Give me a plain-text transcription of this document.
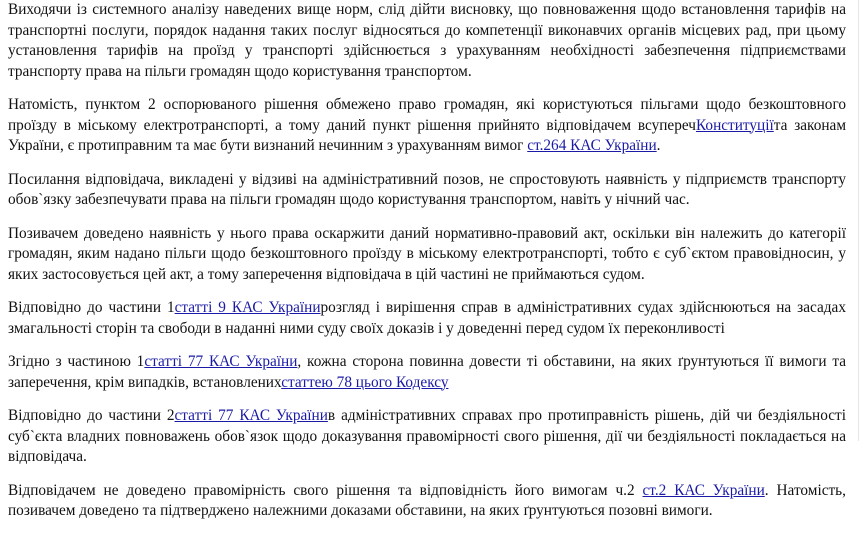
Виходячи із системного аналізу наведених вище норм, слід дійти висновку, що повноваження щодо встановлення тарифів на транспортні послуги, порядок надання таких послуг відносяться до компетенції виконавчих органів місцевих рад, при цьому установлення тарифів на проїзд у транспорті здійснюється з урахуванням необхідності забезпечення підприємствами транспорту права на пільги громадян щодо користування транспортом.

Натомість, пунктом 2 оспорюваного рішення обмежено право громадян, які користуються пільгами щодо безкоштовного проїзду в міському електротранспорті, а тому даний пункт рішення прийнято відповідачем всуперечКонституціїта законам України, є протиправним та має бути визнаний нечинним з урахуванням вимог ст.264 КАС України.

Посилання відповідача, викладені у відзиві на адміністративний позов, не спростовують наявність у підприємств транспорту обов`язку забезпечувати права на пільги громадян щодо користування транспортом, навіть у нічний час.

Позивачем доведено наявність у нього права оскаржити даний нормативно-правовий акт, оскільки він належить до категорії громадян, яким надано пільги щодо безкоштовного проїзду в міському електротранспорті, тобто є суб`єктом правовідносин, у яких застосовується цей акт, а тому заперечення відповідача в цій частині не приймаються судом.

Відповідно до частини 1статті 9 КАС Українирозгляд і вирішення справ в адміністративних судах здійснюються на засадах змагальності сторін та свободи в наданні ними суду своїх доказів і у доведенні перед судом їх переконливості

Згідно з частиною 1статті 77 КАС України, кожна сторона повинна довести ті обставини, на яких ґрунтуються її вимоги та заперечення, крім випадків, встановленихстаттею 78 цього Кодексу

Відповідно до частини 2статті 77 КАС Українив адміністративних справах про протиправність рішень, дій чи бездіяльності суб`єкта владних повноважень обов`язок щодо доказування правомірності свого рішення, дії чи бездіяльності покладається на відповідача.

Відповідачем не доведено правомірність свого рішення та відповідність його вимогам ч.2 ст.2 КАС України. Натомість, позивачем доведено та підтверджено належними доказами обставини, на яких ґрунтуються позовні вимоги.
